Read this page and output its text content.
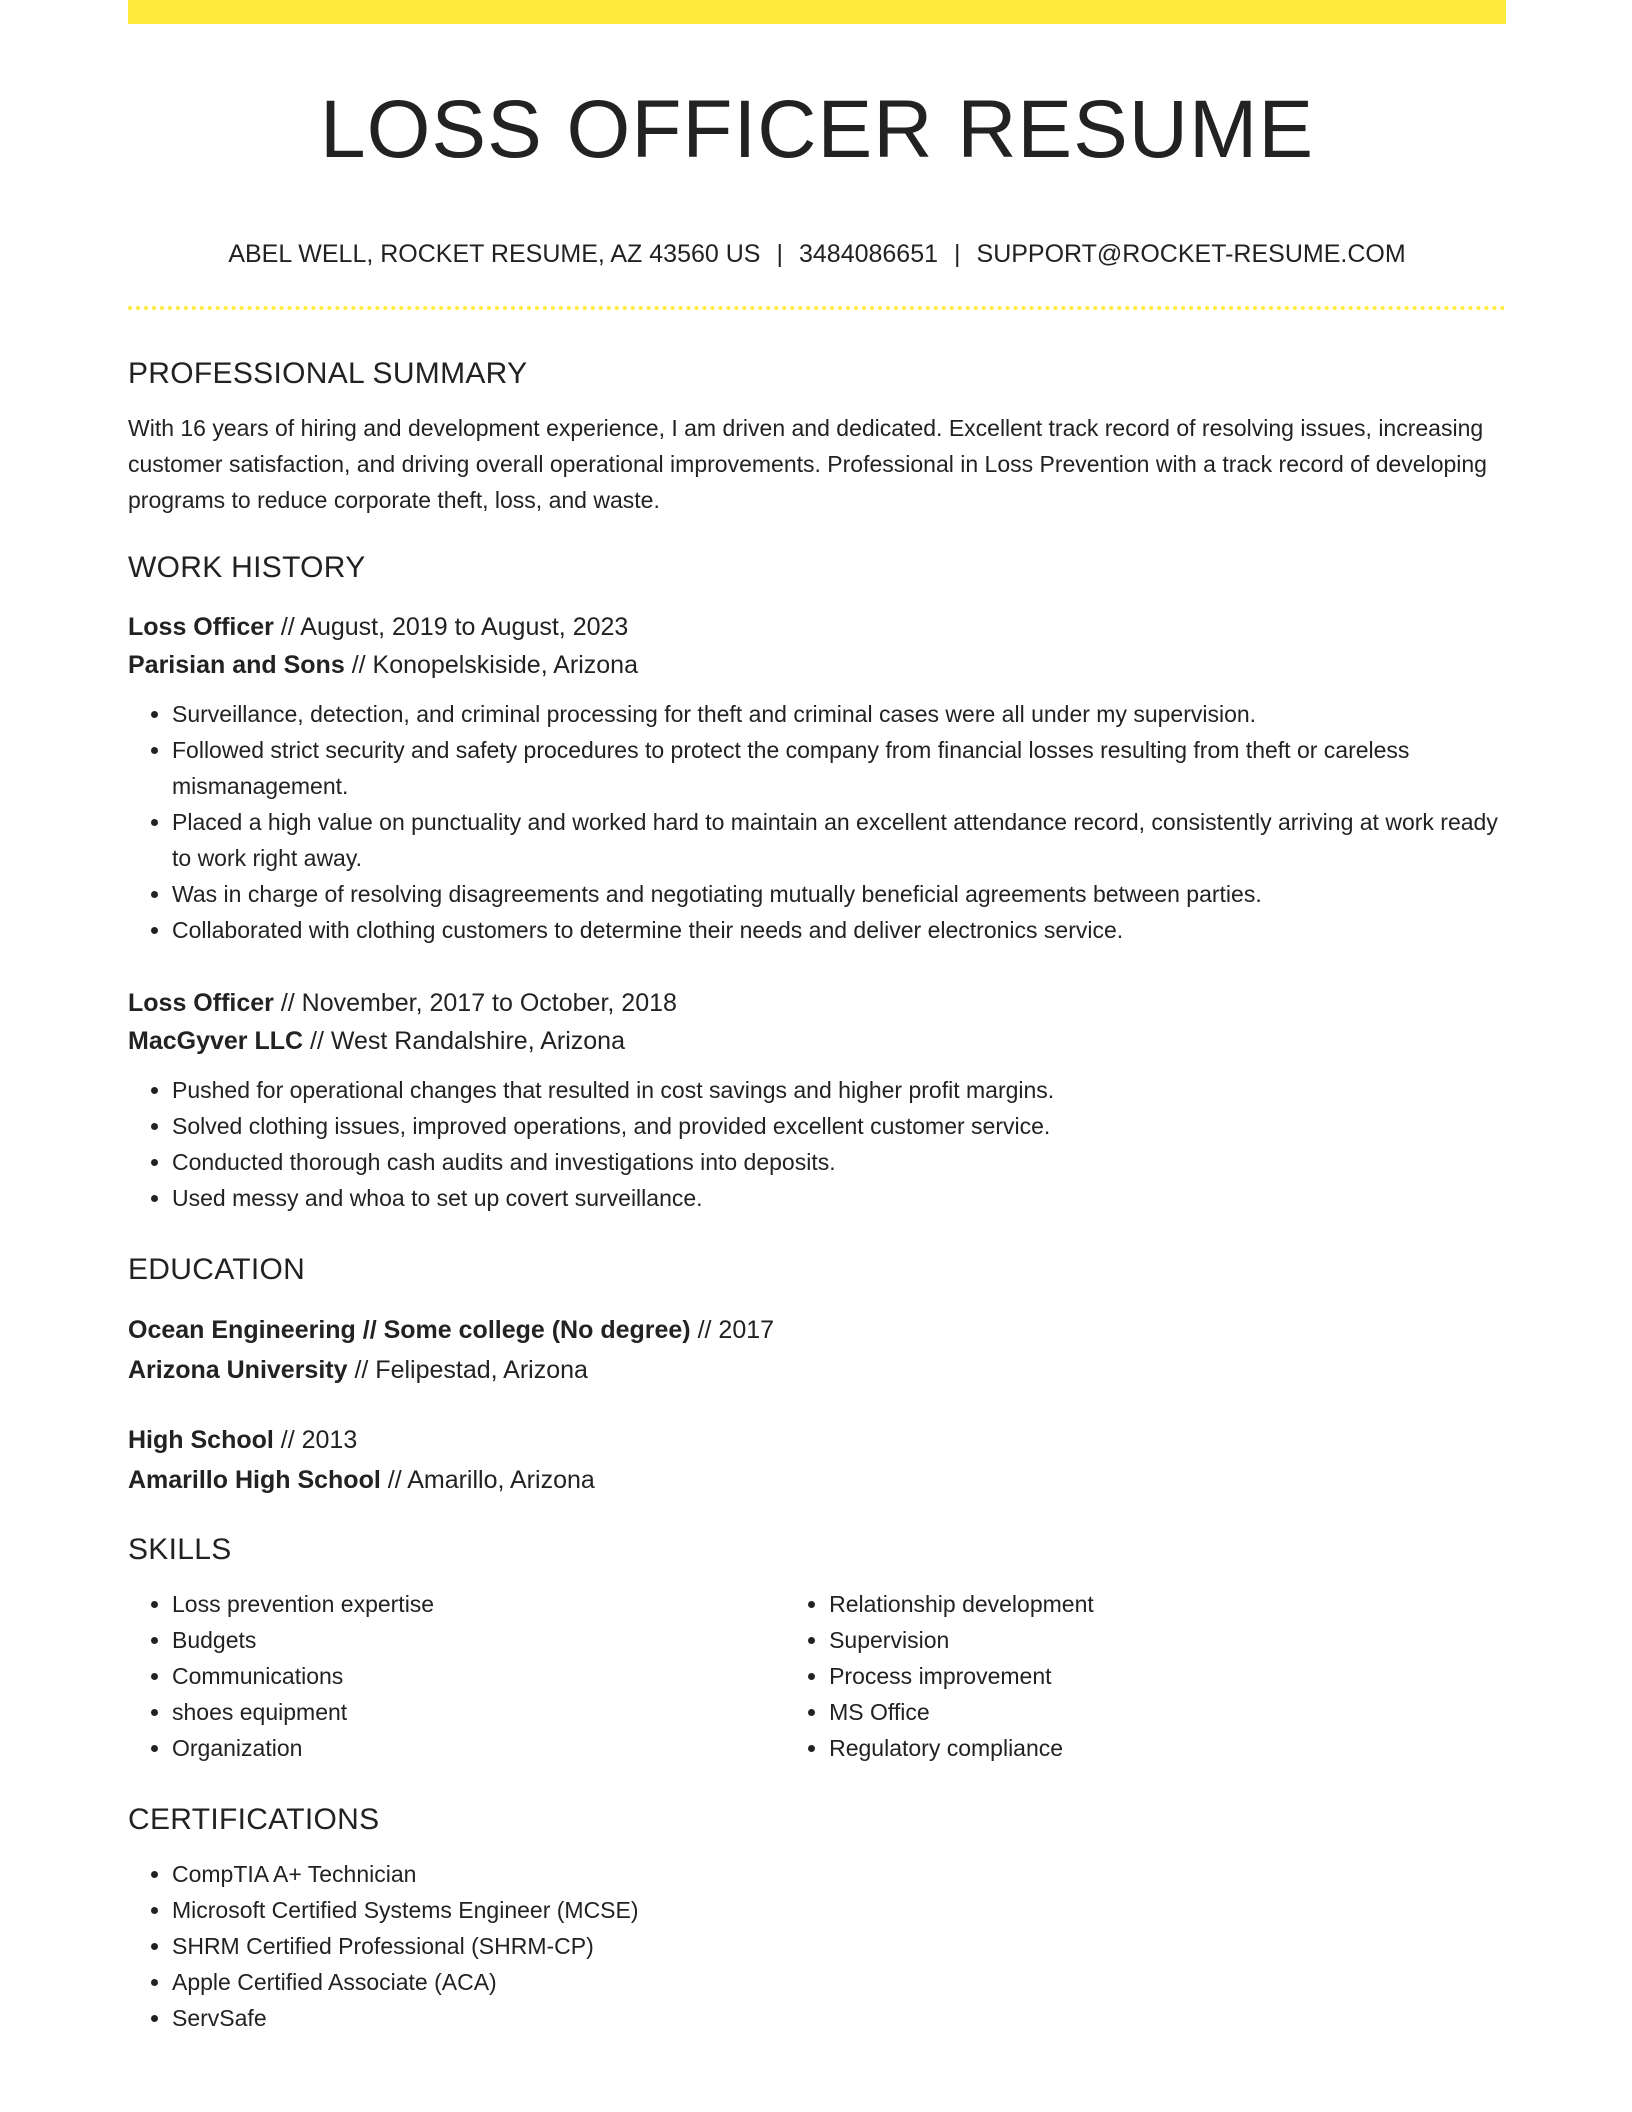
LOSS OFFICER RESUME
ABEL WELL, ROCKET RESUME, AZ 43560 US | 3484086651 | SUPPORT@ROCKET-RESUME.COM
PROFESSIONAL SUMMARY

With 16 years of hiring and development experience, I am driven and dedicated. Excellent track record of resolving issues, increasing customer satisfaction, and driving overall operational improvements. Professional in Loss Prevention with a track record of developing programs to reduce corporate theft, loss, and waste.

WORK HISTORY

Loss Officer // August, 2019 to August, 2023

Parisian and Sons // Konopelskiside, Arizona

• Surveillance, detection, and criminal processing for theft and criminal cases were all under my supervision.
• Followed strict security and safety procedures to protect the company from financial losses resulting from theft or careless mismanagement.
• Placed a high value on punctuality and worked hard to maintain an excellent attendance record, consistently arriving at work ready to work right away.
• Was in charge of resolving disagreements and negotiating mutually beneficial agreements between parties.
• Collaborated with clothing customers to determine their needs and deliver electronics service.

Loss Officer // November, 2017 to October, 2018

MacGyver LLC // West Randalshire, Arizona

• Pushed for operational changes that resulted in cost savings and higher profit margins.
• Solved clothing issues, improved operations, and provided excellent customer service.
• Conducted thorough cash audits and investigations into deposits.
• Used messy and whoa to set up covert surveillance.
EDUCATION

Ocean Engineering // Some college (No degree) // 2017

Arizona University // Felipestad, Arizona

High School // 2013

Amarillo High School // Amarillo, Arizona

SKILLS
• Loss prevention expertise
• Budgets
• Communications
• shoes equipment
• Organization
• Relationship development
• Supervision
• Process improvement
• MS Office
• Regulatory compliance
CERTIFICATIONS
• CompTIA A+ Technician
• Microsoft Certified Systems Engineer (MCSE)
• SHRM Certified Professional (SHRM-CP)
• Apple Certified Associate (ACA)
• ServSafe
